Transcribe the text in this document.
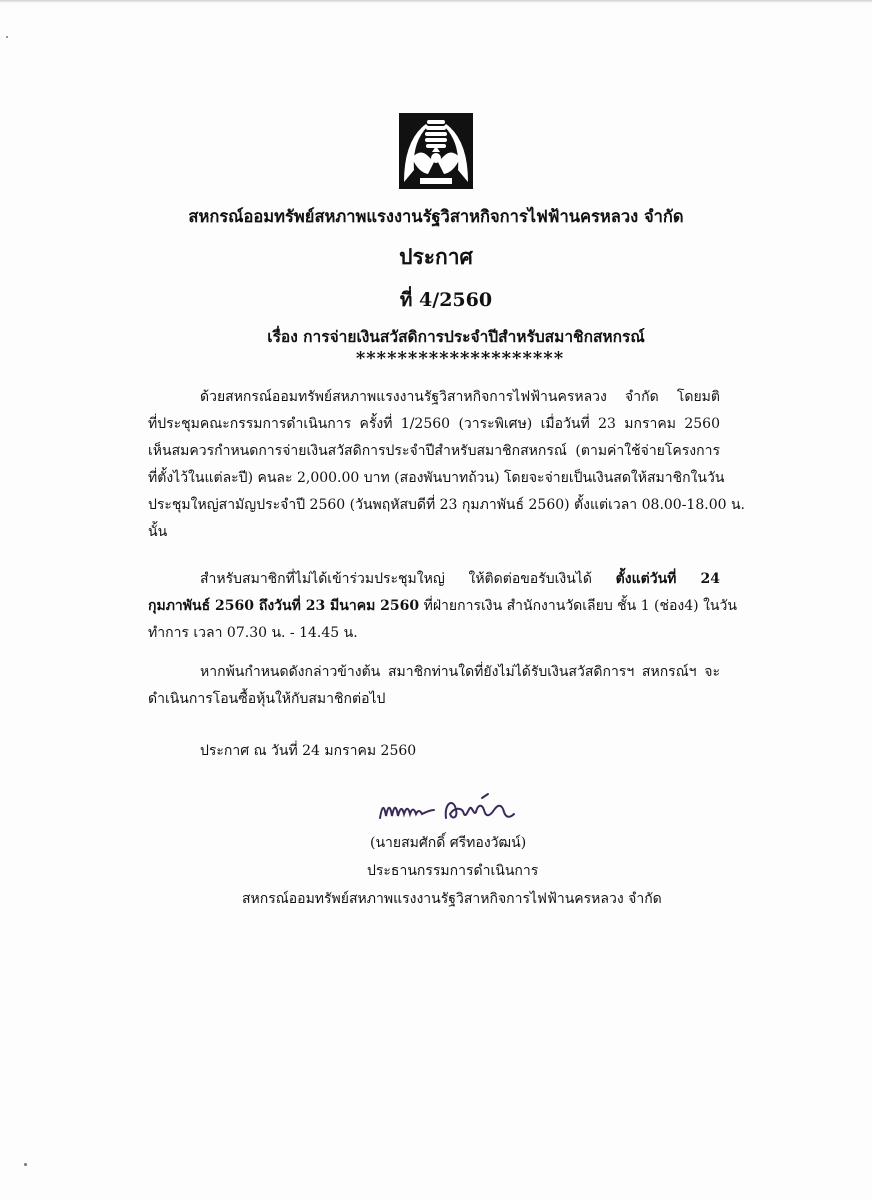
สหกรณ์ออมทรัพย์สหภาพแรงงานรัฐวิสาหกิจการไฟฟ้านครหลวง จำกัด
ประกาศ
ที่ 4/2560
เรื่อง การจ่ายเงินสวัสดิการประจำปีสำหรับสมาชิกสหกรณ์
********************
ด้วยสหกรณ์ออมทรัพย์สหภาพแรงงานรัฐวิสาหกิจการไฟฟ้านครหลวง จำกัด โดยมติ
ที่ประชุมคณะกรรมการดำเนินการ ครั้งที่ 1/2560 (วาระพิเศษ) เมื่อวันที่ 23 มกราคม 2560
เห็นสมควรกำหนดการจ่ายเงินสวัสดิการประจำปีสำหรับสมาชิกสหกรณ์ (ตามค่าใช้จ่ายโครงการ
ที่ตั้งไว้ในแต่ละปี) คนละ 2,000.00 บาท (สองพันบาทถ้วน) โดยจะจ่ายเป็นเงินสดให้สมาชิกในวัน
ประชุมใหญ่สามัญประจำปี 2560 (วันพฤหัสบดีที่ 23 กุมภาพันธ์ 2560) ตั้งแต่เวลา 08.00-18.00 น.
นั้น
สำหรับสมาชิกที่ไม่ได้เข้าร่วมประชุมใหญ่ ให้ติดต่อขอรับเงินได้ ตั้งแต่วันที่ 24
กุมภาพันธ์ 2560 ถึงวันที่ 23 มีนาคม 2560 ที่ฝ่ายการเงิน สำนักงานวัดเลียบ ชั้น 1 (ช่อง4) ในวัน
ทำการ เวลา 07.30 น. - 14.45 น.
หากพ้นกำหนดดังกล่าวข้างต้น สมาชิกท่านใดที่ยังไม่ได้รับเงินสวัสดิการฯ สหกรณ์ฯ จะ
ดำเนินการโอนซื้อหุ้นให้กับสมาชิกต่อไป
ประกาศ ณ วันที่ 24 มกราคม 2560
(นายสมศักดิ์ ศรีทองวัฒน์)
ประธานกรรมการดำเนินการ
สหกรณ์ออมทรัพย์สหภาพแรงงานรัฐวิสาหกิจการไฟฟ้านครหลวง จำกัด
